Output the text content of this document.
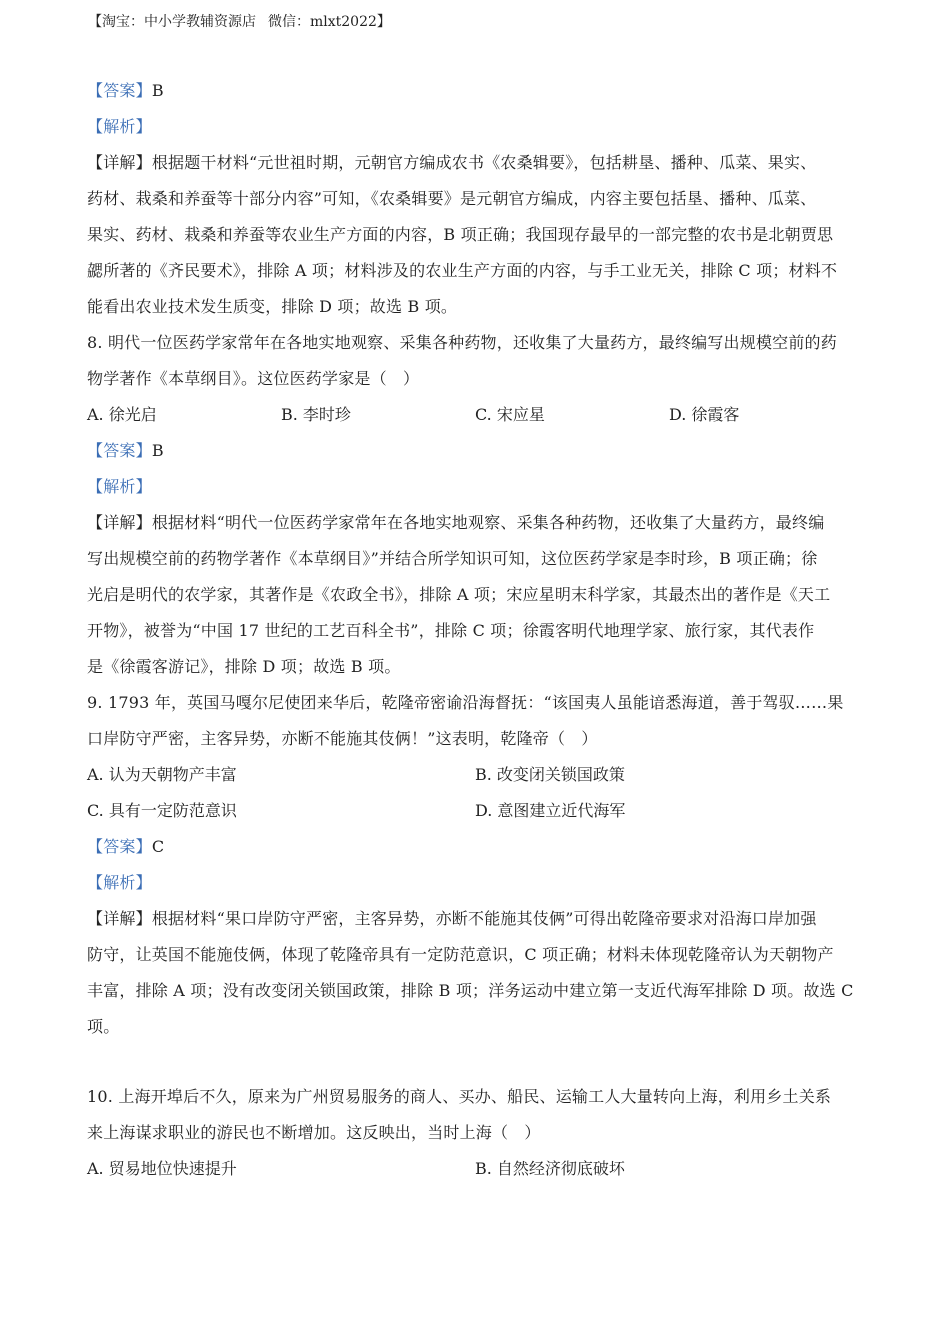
【淘宝：中小学教辅资源店 微信：mlxt2022】
【答案】B
【解析】
【详解】根据题干材料“元世祖时期，元朝官方编成农书《农桑辑要》，包括耕垦、播种、瓜菜、果实、
药材、栽桑和养蚕等十部分内容”可知，《农桑辑要》是元朝官方编成，内容主要包括垦、播种、瓜菜、
果实、药材、栽桑和养蚕等农业生产方面的内容，B 项正确；我国现存最早的一部完整的农书是北朝贾思
勰所著的《齐民要术》，排除 A 项；材料涉及的农业生产方面的内容，与手工业无关，排除 C 项；材料不
能看出农业技术发生质变，排除 D 项；故选 B 项。
8. 明代一位医药学家常年在各地实地观察、采集各种药物，还收集了大量药方，最终编写出规模空前的药
物学著作《本草纲目》。这位医药学家是（　）
A. 徐光启	B. 李时珍	C. 宋应星	D. 徐霞客
【答案】B
【解析】
【详解】根据材料“明代一位医药学家常年在各地实地观察、采集各种药物，还收集了大量药方，最终编
写出规模空前的药物学著作《本草纲目》”并结合所学知识可知，这位医药学家是李时珍，B 项正确；徐
光启是明代的农学家，其著作是《农政全书》，排除 A 项；宋应星明末科学家，其最杰出的著作是《天工
开物》，被誉为“中国 17 世纪的工艺百科全书”，排除 C 项；徐霞客明代地理学家、旅行家，其代表作
是《徐霞客游记》，排除 D 项；故选 B 项。
9. 1793 年，英国马嘎尔尼使团来华后，乾隆帝密谕沿海督抚：“该国夷人虽能谙悉海道，善于驾驭……果
口岸防守严密，主客异势，亦断不能施其伎俩！”这表明，乾隆帝（　）
A. 认为天朝物产丰富	B. 改变闭关锁国政策
C. 具有一定防范意识	D. 意图建立近代海军
【答案】C
【解析】
【详解】根据材料“果口岸防守严密，主客异势，亦断不能施其伎俩”可得出乾隆帝要求对沿海口岸加强
防守，让英国不能施伎俩，体现了乾隆帝具有一定防范意识，C 项正确；材料未体现乾隆帝认为天朝物产
丰富，排除 A 项；没有改变闭关锁国政策，排除 B 项；洋务运动中建立第一支近代海军排除 D 项。故选 C
项。
10. 上海开埠后不久，原来为广州贸易服务的商人、买办、船民、运输工人大量转向上海，利用乡土关系
来上海谋求职业的游民也不断增加。这反映出，当时上海（　）
A. 贸易地位快速提升	B. 自然经济彻底破坏
